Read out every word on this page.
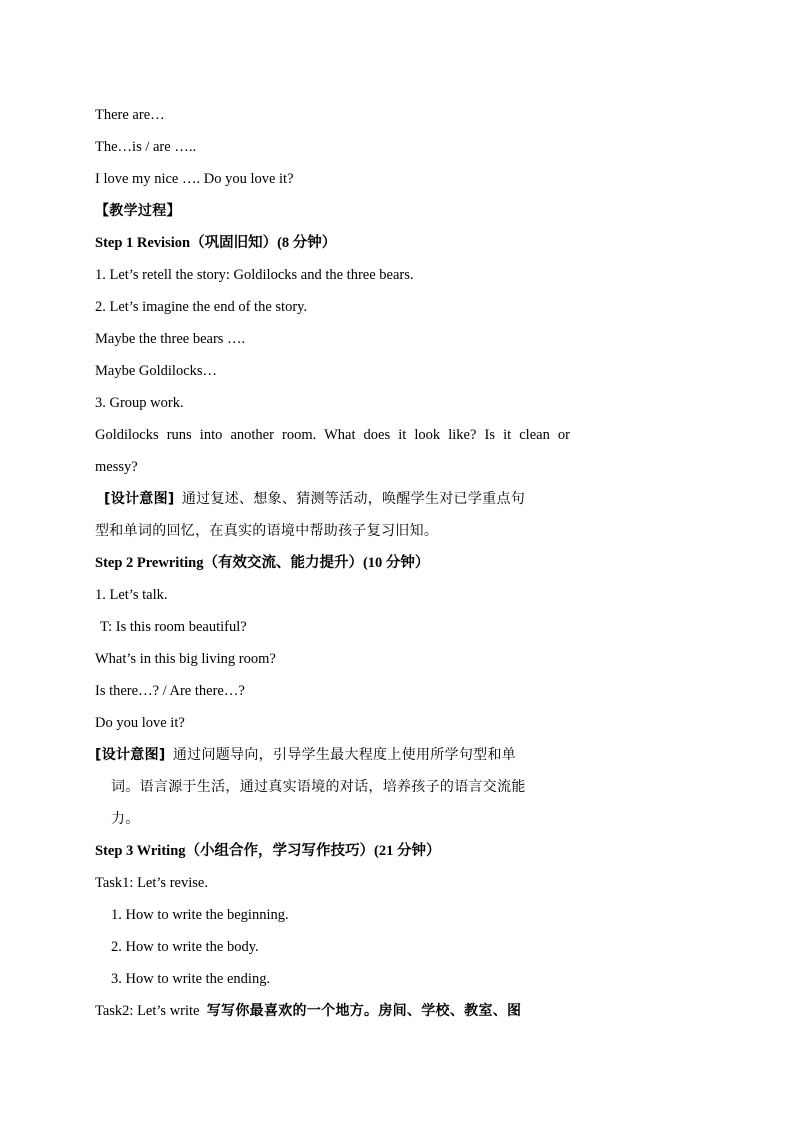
There are…
The…is / are …..
I love my nice …. Do you love it?
【教学过程】
Step 1 Revision（巩固旧知）(8 分钟）
1. Let’s retell the story: Goldilocks and the three bears.
2. Let’s imagine the end of the story.
Maybe the three bears ….
Maybe Goldilocks…
3. Group work.
Goldilocks runs into another room. What does it look like? Is it clean or
messy?
[设计意图] 通过复述、想象、猜测等活动，唤醒学生对已学重点句
型和单词的回忆，在真实的语境中帮助孩子复习旧知。
Step 2 Prewriting（有效交流、能力提升）(10 分钟）
1. Let’s talk.
T: Is this room beautiful?
What’s in this big living room?
Is there…? / Are there…?
Do you love it?
[设计意图] 通过问题导向，引导学生最大程度上使用所学句型和单
词。语言源于生活，通过真实语境的对话，培养孩子的语言交流能
力。
Step 3 Writing（小组合作，学习写作技巧）(21 分钟）
Task1: Let’s revise.
1. How to write the beginning.
2. How to write the body.
3. How to write the ending.
Task2: Let’s write 写写你最喜欢的一个地方。房间、学校、教室、图
